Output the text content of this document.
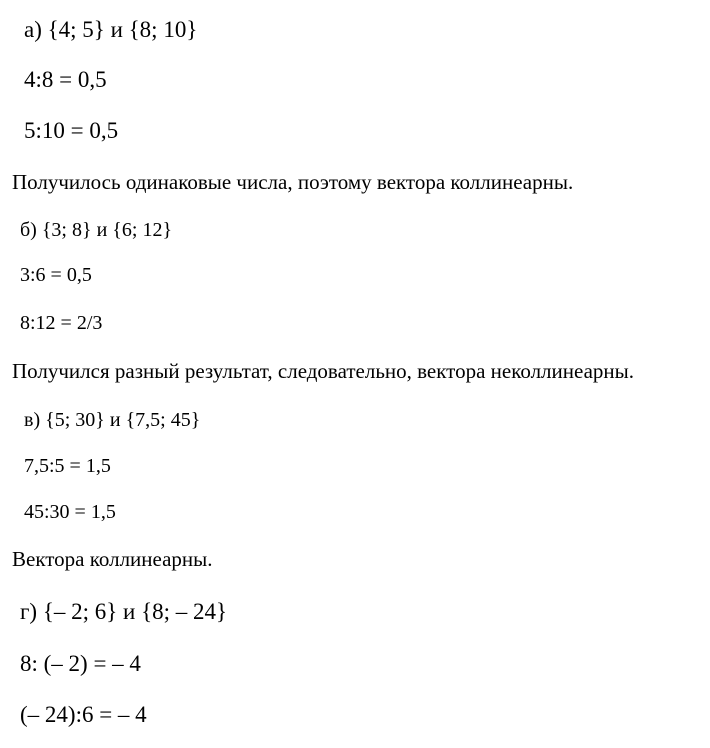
а) {4; 5} и {8; 10}
4:8 = 0,5
5:10 = 0,5
Получилось одинаковые числа, поэтому вектора коллинеарны.
б) {3; 8} и {6; 12}
3:6 = 0,5
8:12 = 2/3
Получился разный результат, следовательно, вектора неколлинеарны.
в) {5; 30} и {7,5; 45}
7,5:5 = 1,5
45:30 = 1,5
Вектора коллинеарны.
г) {– 2; 6} и {8; – 24}
8: (– 2) = – 4
(– 24):6 = – 4
